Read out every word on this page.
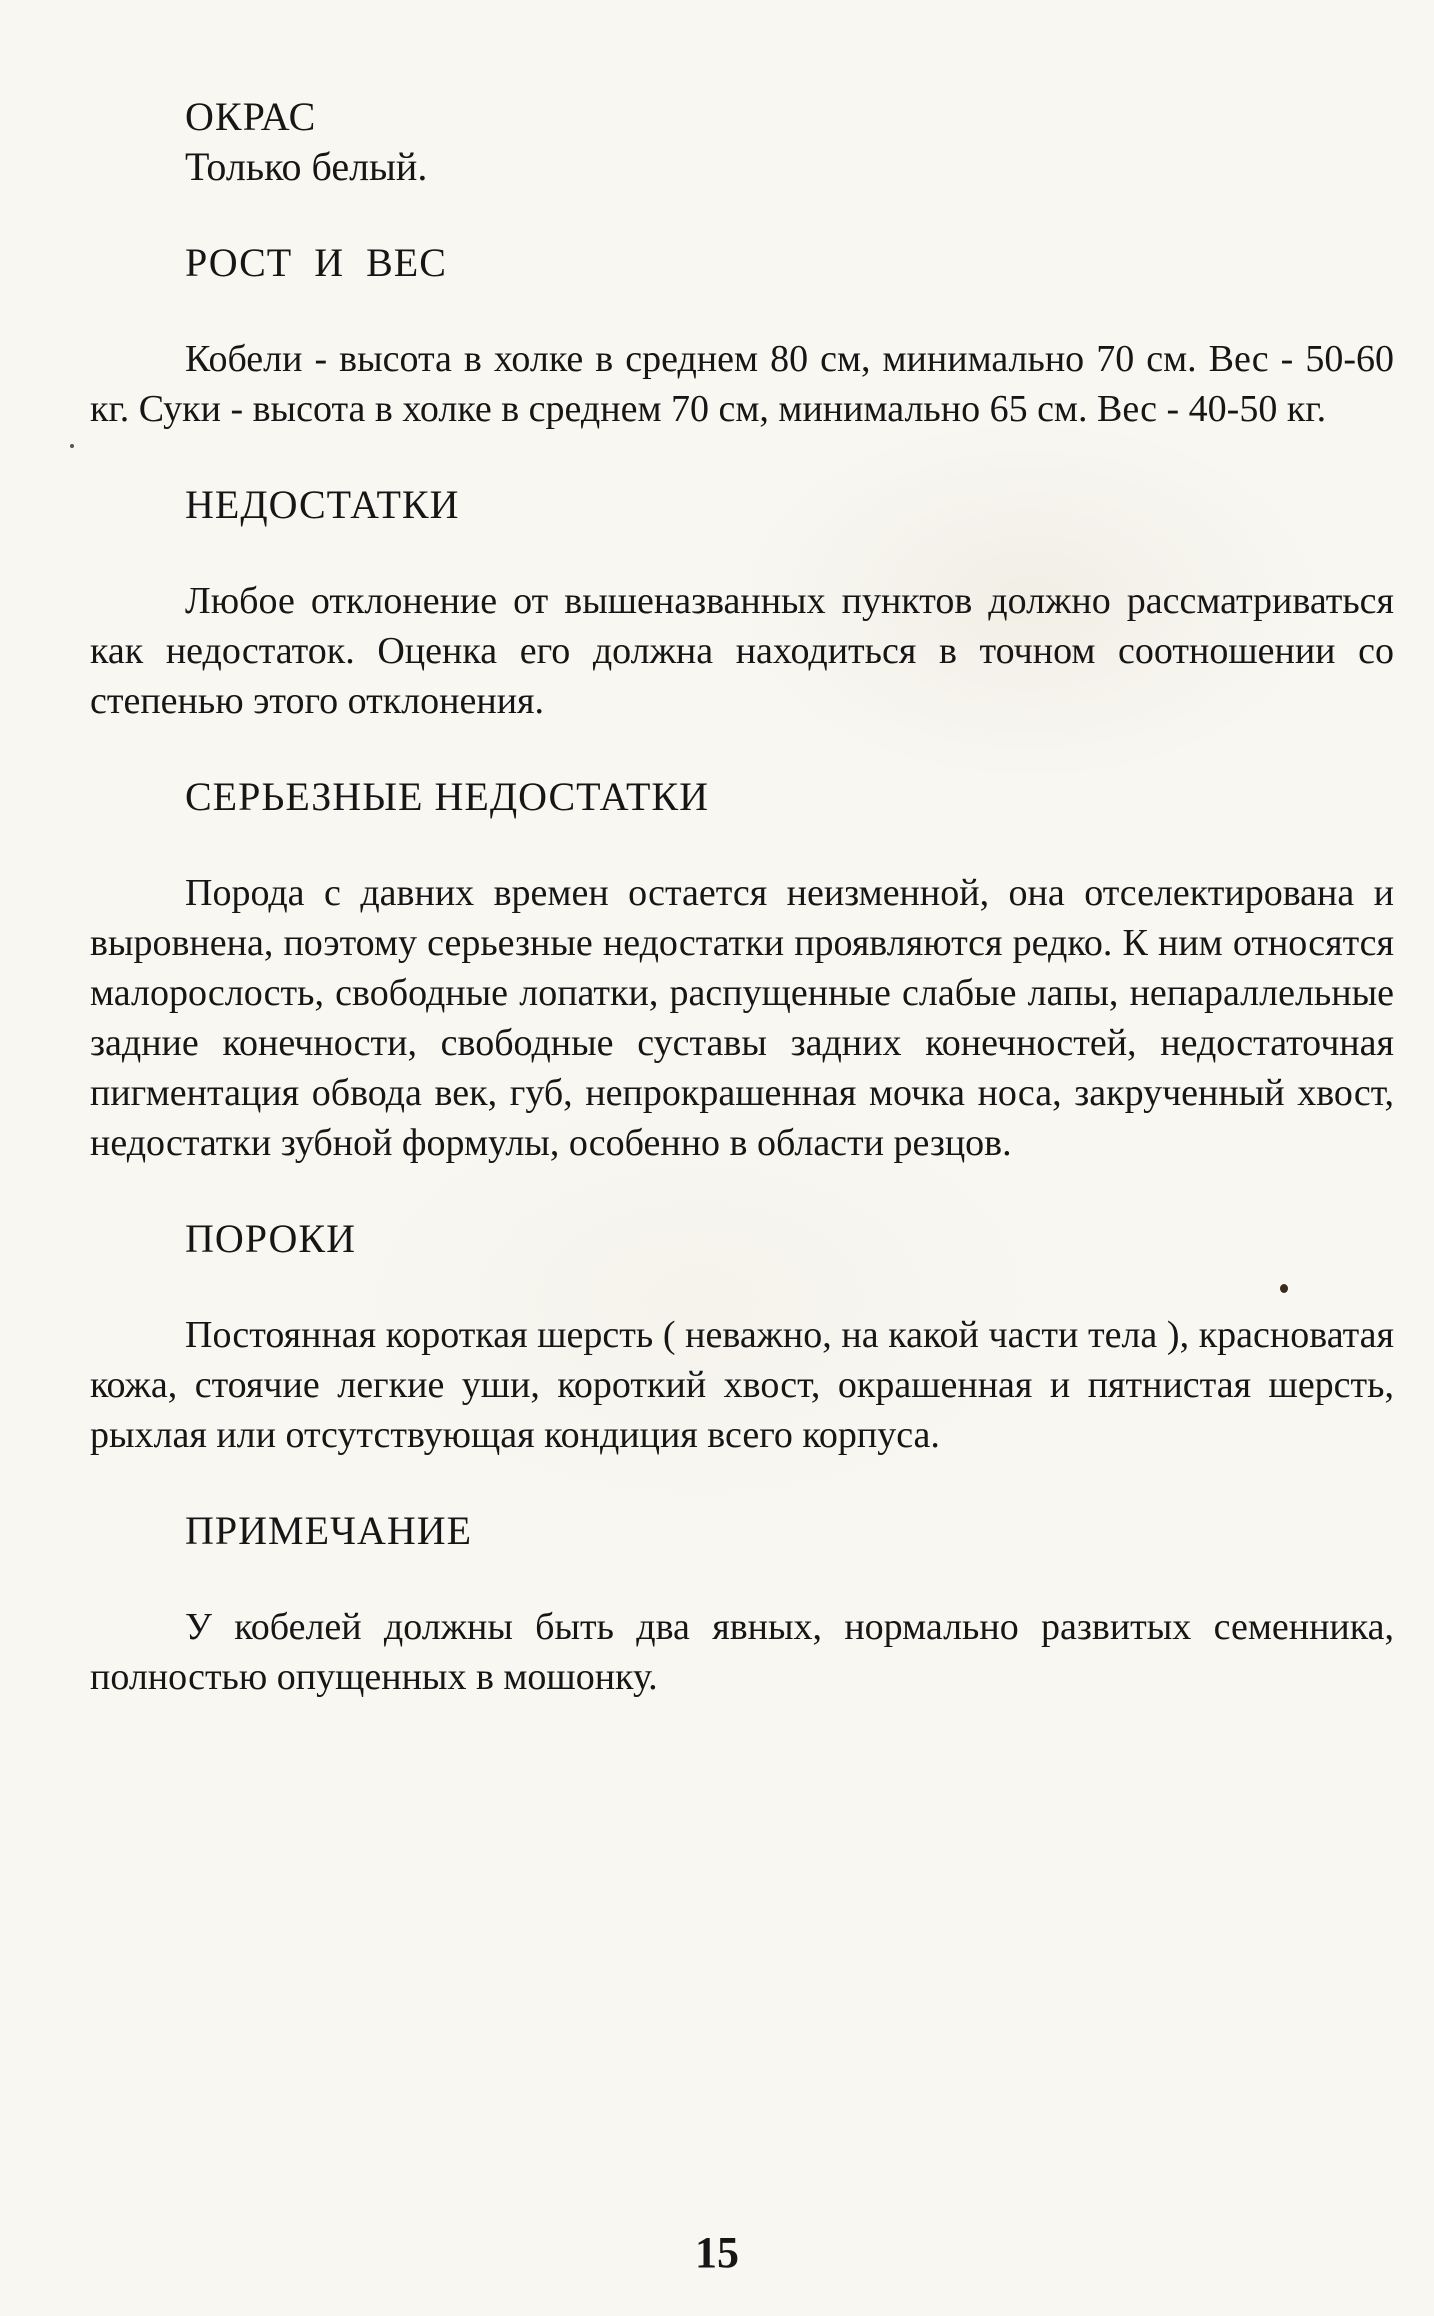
ОКРАС

Только белый.

РОСТ  И  ВЕС

Кобели - высота в холке в среднем 80 см, минимально 70 см. Вес - 50-60 кг. Суки - высота в холке в среднем 70 см, минимально 65 см. Вес - 40-50 кг.

НЕДОСТАТКИ

Любое отклонение от вышеназванных пунктов должно рассматриваться как недостаток. Оценка его должна находиться в точном соотношении со степенью этого отклонения.

СЕРЬЕЗНЫЕ НЕДОСТАТКИ

Порода с давних времен остается неизменной, она отселектирована и выровнена, поэтому серьезные недостатки проявляются редко. К ним относятся малорослость, свободные лопатки, распущенные слабые лапы, непараллельные задние конечности, свободные суставы задних конечностей, недостаточная пигментация обвода век, губ, непрокрашенная мочка носа, закрученный хвост, недостатки зубной формулы, особенно в области резцов.

ПОРОКИ

Постоянная короткая шерсть ( неважно, на какой части тела ), красноватая кожа, стоячие легкие уши, короткий хвост, окрашенная и пятнистая шерсть, рыхлая или отсутствующая кондиция всего корпуса.

ПРИМЕЧАНИЕ

У кобелей должны быть два явных, нормально развитых семенника, полностью опущенных в мошонку.

15
